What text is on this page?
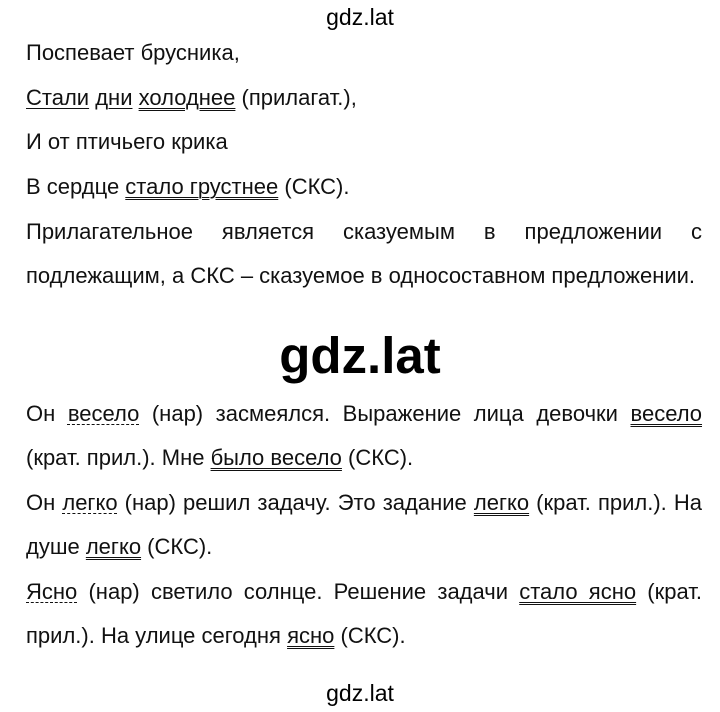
gdz.lat
Поспевает брусника,
Стали дни холоднее (прилагат.),
И от птичьего крика
В сердце стало грустнее (СКС).
Прилагательное является сказуемым в предложении с подлежащим, а СКС – сказуемое в односоставном предложении.
gdz.lat
Он весело (нар) засмеялся. Выражение лица девочки весело (крат. прил.). Мне было весело (СКС).
Он легко (нар) решил задачу. Это задание легко (крат. прил.). На душе легко (СКС).
Ясно (нар) светило солнце. Решение задачи стало ясно (крат. прил.). На улице сегодня ясно (СКС).
gdz.lat
